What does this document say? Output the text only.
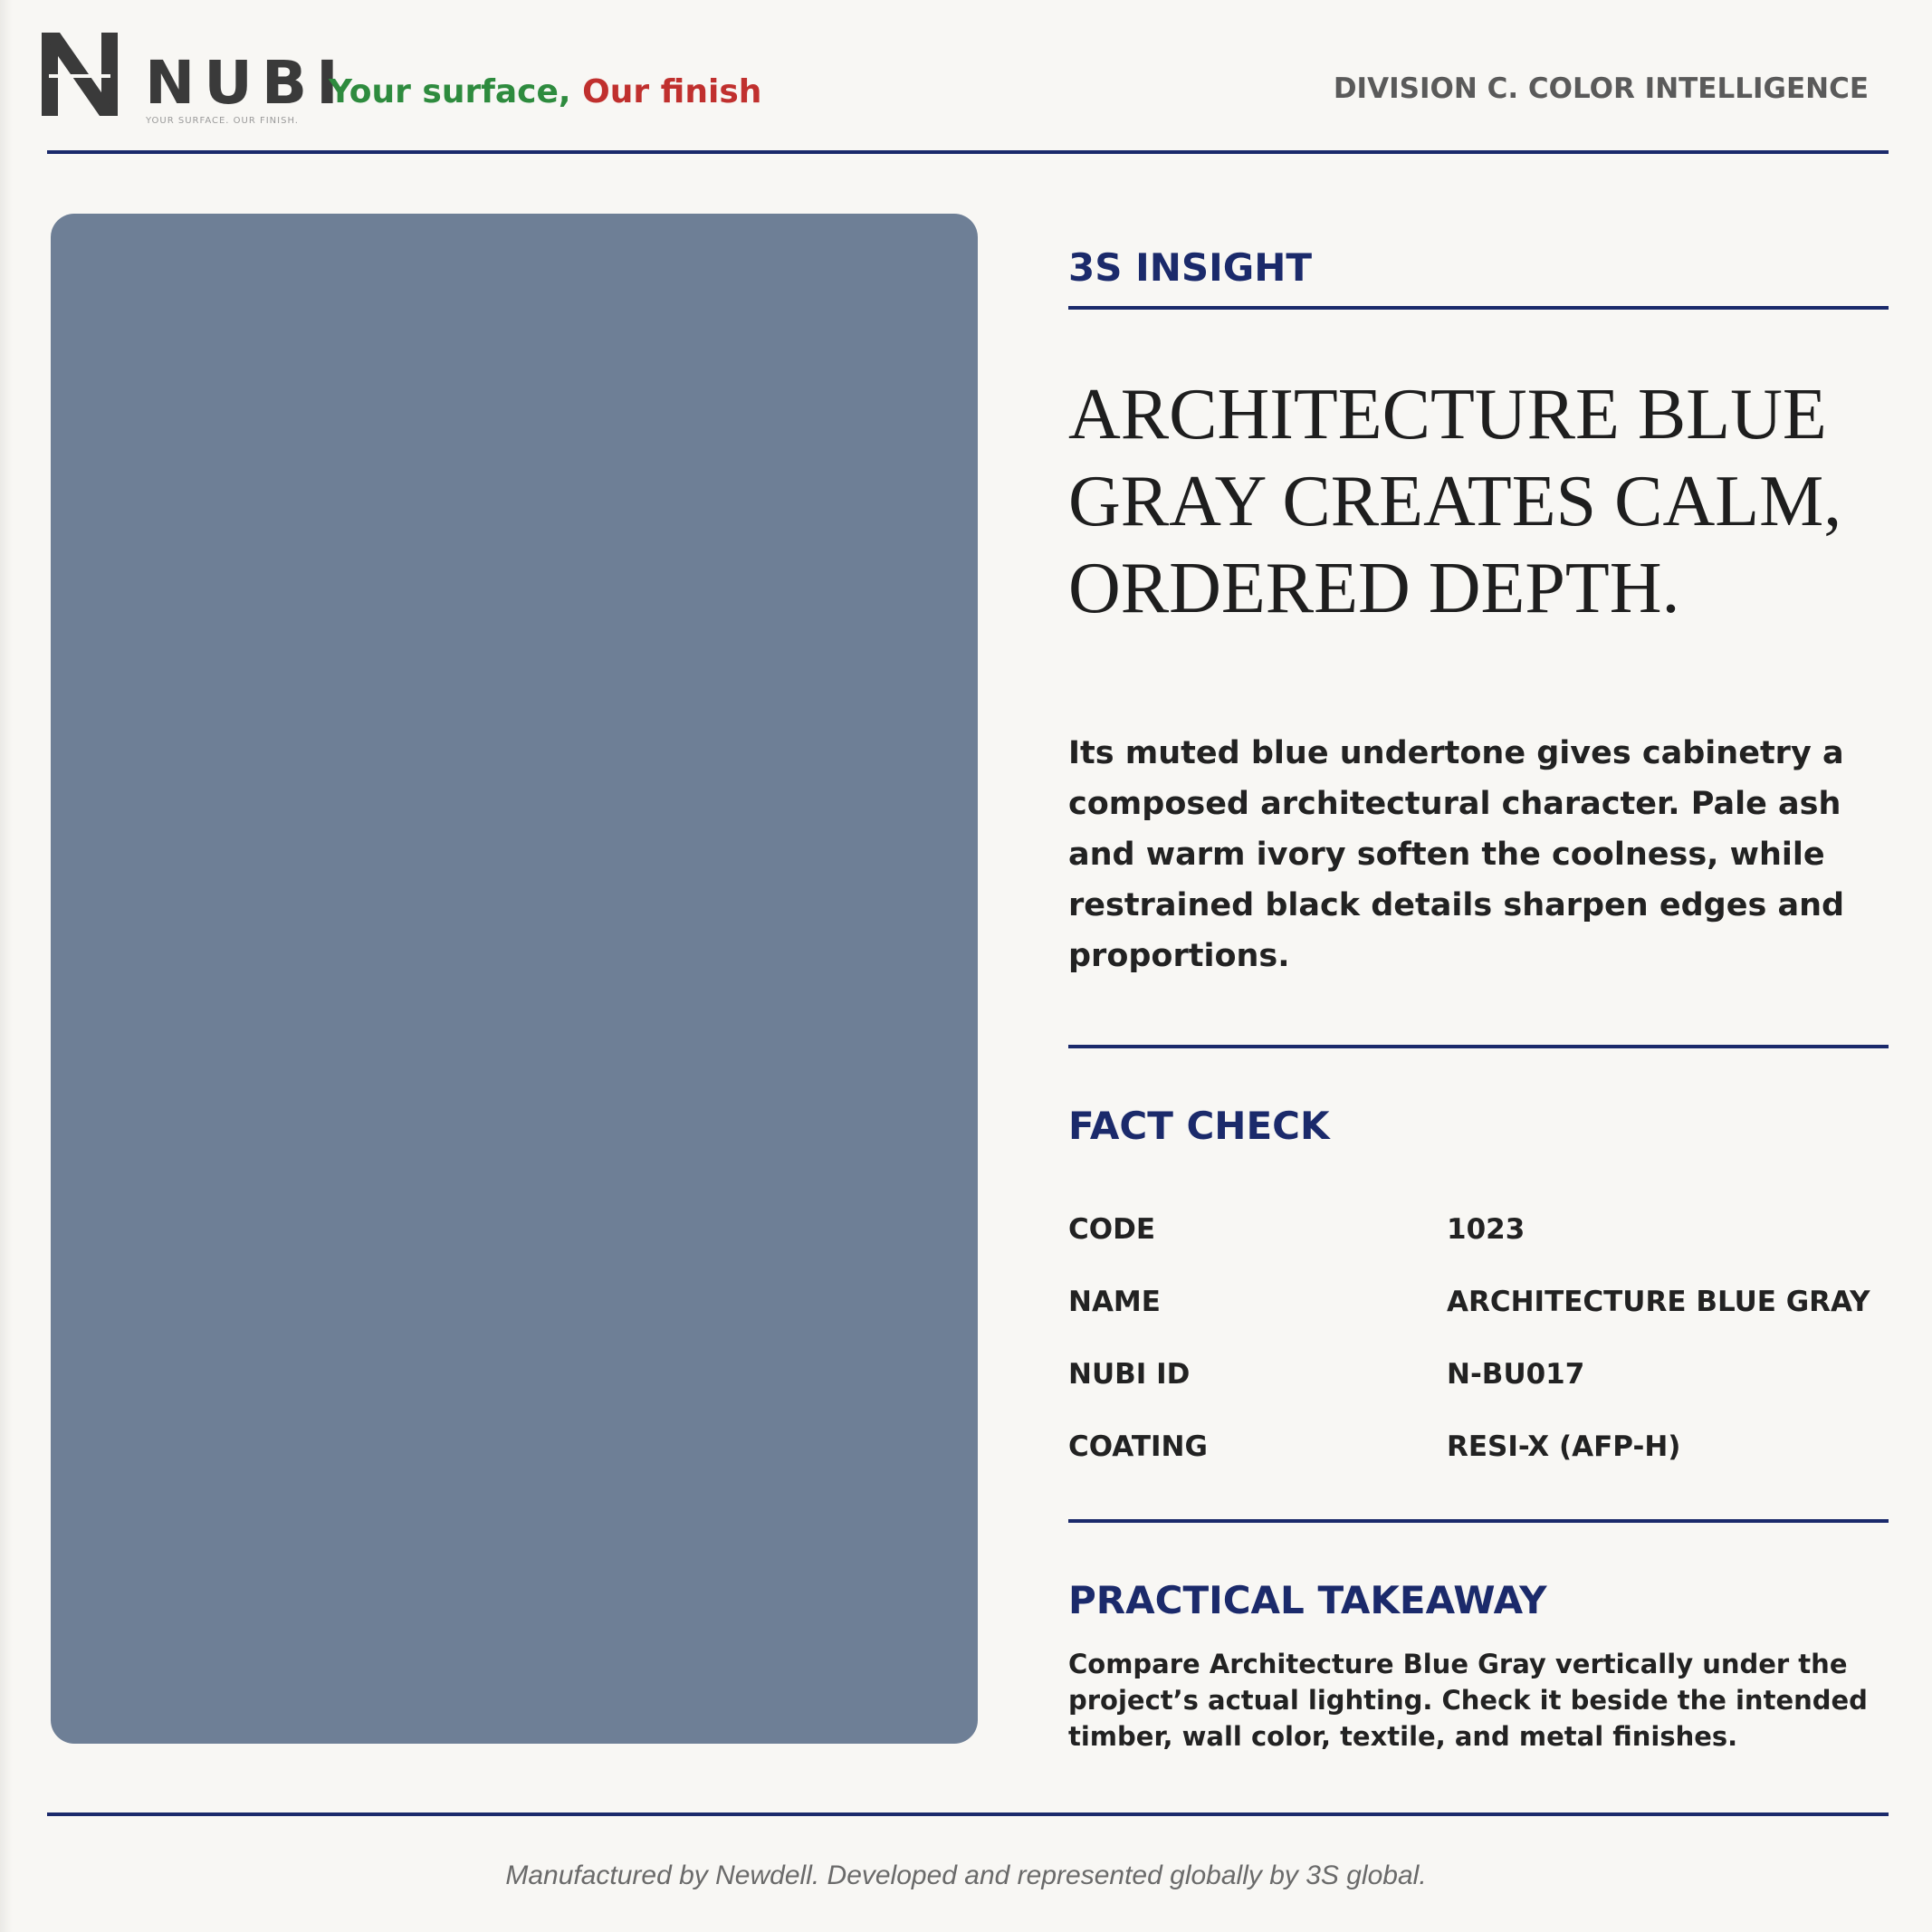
NUBI
YOUR SURFACE. OUR FINISH.
Your surface, Our finish	DIVISION C. COLOR INTELLIGENCE
3S INSIGHT
ARCHITECTURE BLUE GRAY CREATES CALM, ORDERED DEPTH.

Its muted blue undertone gives cabinetry a composed architectural character. Pale ash and warm ivory soften the coolness, while restrained black details sharpen edges and proportions.

FACT CHECK
CODE	1023
NAME	ARCHITECTURE BLUE GRAY
NUBI ID	N-BU017
COATING	RESI-X (AFP-H)
PRACTICAL TAKEAWAY

Compare Architecture Blue Gray vertically under the project’s actual lighting. Check it beside the intended timber, wall color, textile, and metal finishes.

Manufactured by Newdell. Developed and represented globally by 3S global.
